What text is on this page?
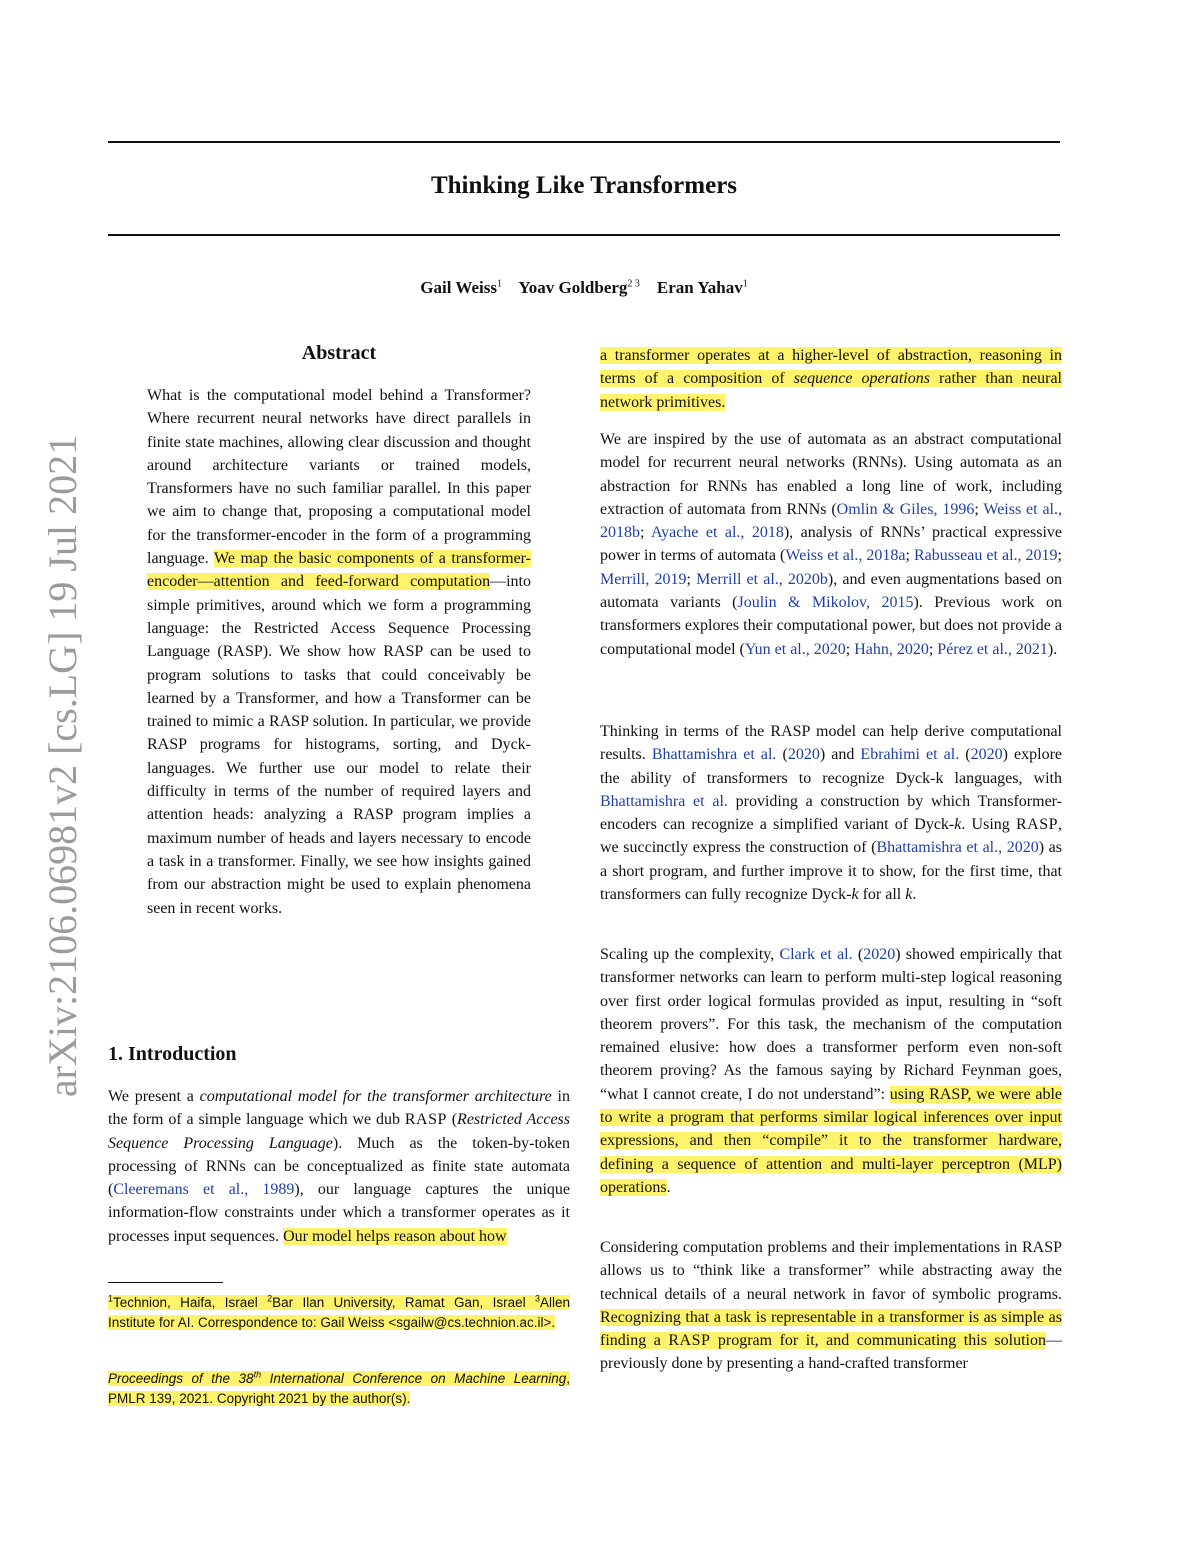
arXiv:2106.06981v2 [cs.LG] 19 Jul 2021
Thinking Like Transformers
Gail Weiss$^1$ Yoav Goldberg$^{2 3}$ Eran Yahav$^1$
Abstract

What is the computational model behind a Transformer? Where recurrent neural networks have direct parallels in finite state machines, allowing clear discussion and thought around architecture variants or trained models, Transformers have no such familiar parallel. In this paper we aim to change that, proposing a computational model for the transformer-encoder in the form of a programming language. We map the basic components of a transformer-encoder—attention and feed-forward computation—into simple primitives, around which we form a programming language: the Restricted Access Sequence Processing Language (RASP). We show how RASP can be used to program solutions to tasks that could conceivably be learned by a Transformer, and how a Transformer can be trained to mimic a RASP solution. In particular, we provide RASP programs for histograms, sorting, and Dyck-languages. We further use our model to relate their difficulty in terms of the number of required layers and attention heads: analyzing a RASP program implies a maximum number of heads and layers necessary to encode a task in a transformer. Finally, we see how insights gained from our abstraction might be used to explain phenomena seen in recent works.

1. Introduction

We present a computational model for the transformer architecture in the form of a simple language which we dub RASP (Restricted Access Sequence Processing Language). Much as the token-by-token processing of RNNs can be conceptualized as finite state automata (Cleeremans et al., 1989), our language captures the unique information-flow constraints under which a transformer operates as it processes input sequences. Our model helps reason about how

$^1$Technion, Haifa, Israel $^2$Bar Ilan University, Ramat Gan, Israel $^3$Allen Institute for AI. Correspondence to: Gail Weiss <sgailw@cs.technion.ac.il>.

Proceedings of the 38th International Conference on Machine Learning, PMLR 139, 2021. Copyright 2021 by the author(s).

a transformer operates at a higher-level of abstraction, reasoning in terms of a composition of sequence operations rather than neural network primitives.

We are inspired by the use of automata as an abstract computational model for recurrent neural networks (RNNs). Using automata as an abstraction for RNNs has enabled a long line of work, including extraction of automata from RNNs (Omlin & Giles, 1996; Weiss et al., 2018b; Ayache et al., 2018), analysis of RNNs’ practical expressive power in terms of automata (Weiss et al., 2018a; Rabusseau et al., 2019; Merrill, 2019; Merrill et al., 2020b), and even augmentations based on automata variants (Joulin & Mikolov, 2015). Previous work on transformers explores their computational power, but does not provide a computational model (Yun et al., 2020; Hahn, 2020; Pérez et al., 2021).

Thinking in terms of the RASP model can help derive computational results. Bhattamishra et al. (2020) and Ebrahimi et al. (2020) explore the ability of transformers to recognize Dyck-k languages, with Bhattamishra et al. providing a construction by which Transformer-encoders can recognize a simplified variant of Dyck-k. Using RASP, we succinctly express the construction of (Bhattamishra et al., 2020) as a short program, and further improve it to show, for the first time, that transformers can fully recognize Dyck-k for all k.

Scaling up the complexity, Clark et al. (2020) showed empirically that transformer networks can learn to perform multi-step logical reasoning over first order logical formulas provided as input, resulting in “soft theorem provers”. For this task, the mechanism of the computation remained elusive: how does a transformer perform even non-soft theorem proving? As the famous saying by Richard Feynman goes, “what I cannot create, I do not understand”: using RASP, we were able to write a program that performs similar logical inferences over input expressions, and then “compile” it to the transformer hardware, defining a sequence of attention and multi-layer perceptron (MLP) operations.

Considering computation problems and their implementations in RASP allows us to “think like a transformer” while abstracting away the technical details of a neural network in favor of symbolic programs. Recognizing that a task is representable in a transformer is as simple as finding a RASP program for it, and communicating this solution—previously done by presenting a hand-crafted transformer
